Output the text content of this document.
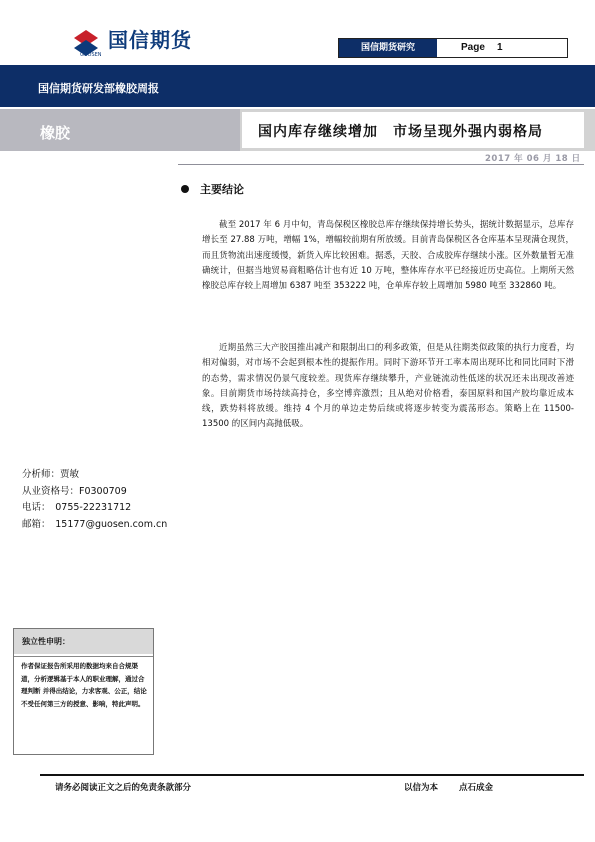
国信期货
GUOSEN
国信期货研究	Page 1
国信期货研发部橡胶周报
橡胶	国内库存继续增加　市场呈现外强内弱格局
2017 年 06 月 18 日
主要结论

截至 2017 年 6 月中旬，青岛保税区橡胶总库存继续保持增长势头，据统计数据显示，总库存增长至 27.88 万吨，增幅 1%，增幅较前期有所放缓。目前青岛保税区各仓库基本呈现满仓现货，而且货物流出速度缓慢，新货入库比较困难。据悉，天胶、合成胶库存继续小涨。区外数量暂无准确统计，但据当地贸易商粗略估计也有近 10 万吨，整体库存水平已经接近历史高位。上期所天然橡胶总库存较上周增加 6387 吨至 353222 吨，仓单库存较上周增加 5980 吨至 332860 吨。

近期虽然三大产胶国推出减产和限制出口的利多政策，但是从往期类似政策的执行力度看，均相对偏弱，对市场不会起到根本性的提振作用。同时下游环节开工率本周出现环比和同比同时下滑的态势，需求情况仍景气度较差。现货库存继续攀升，产业链流动性低迷的状况还未出现改善迹象。目前期货市场持续高持仓，多空博弈激烈；且从绝对价格看，泰国原料和国产胶均靠近成本线，跌势料将放缓。维持 4 个月的单边走势后续或将逐步转变为震荡形态。策略上在 11500-13500 的区间内高抛低吸。

分析师：贾敏
从业资格号：F0300709
电话：　0755-22231712
邮箱：　15177@guosen.com.cn
独立性申明：

作者保证报告所采用的数据均来自合规渠道，分析逻辑基于本人的职业理解，通过合理判断 并得出结论，力求客观、公正，结论不受任何第三方的授意、影响，特此声明。

请务必阅读正文之后的免责条款部分	以信为本 点石成金
